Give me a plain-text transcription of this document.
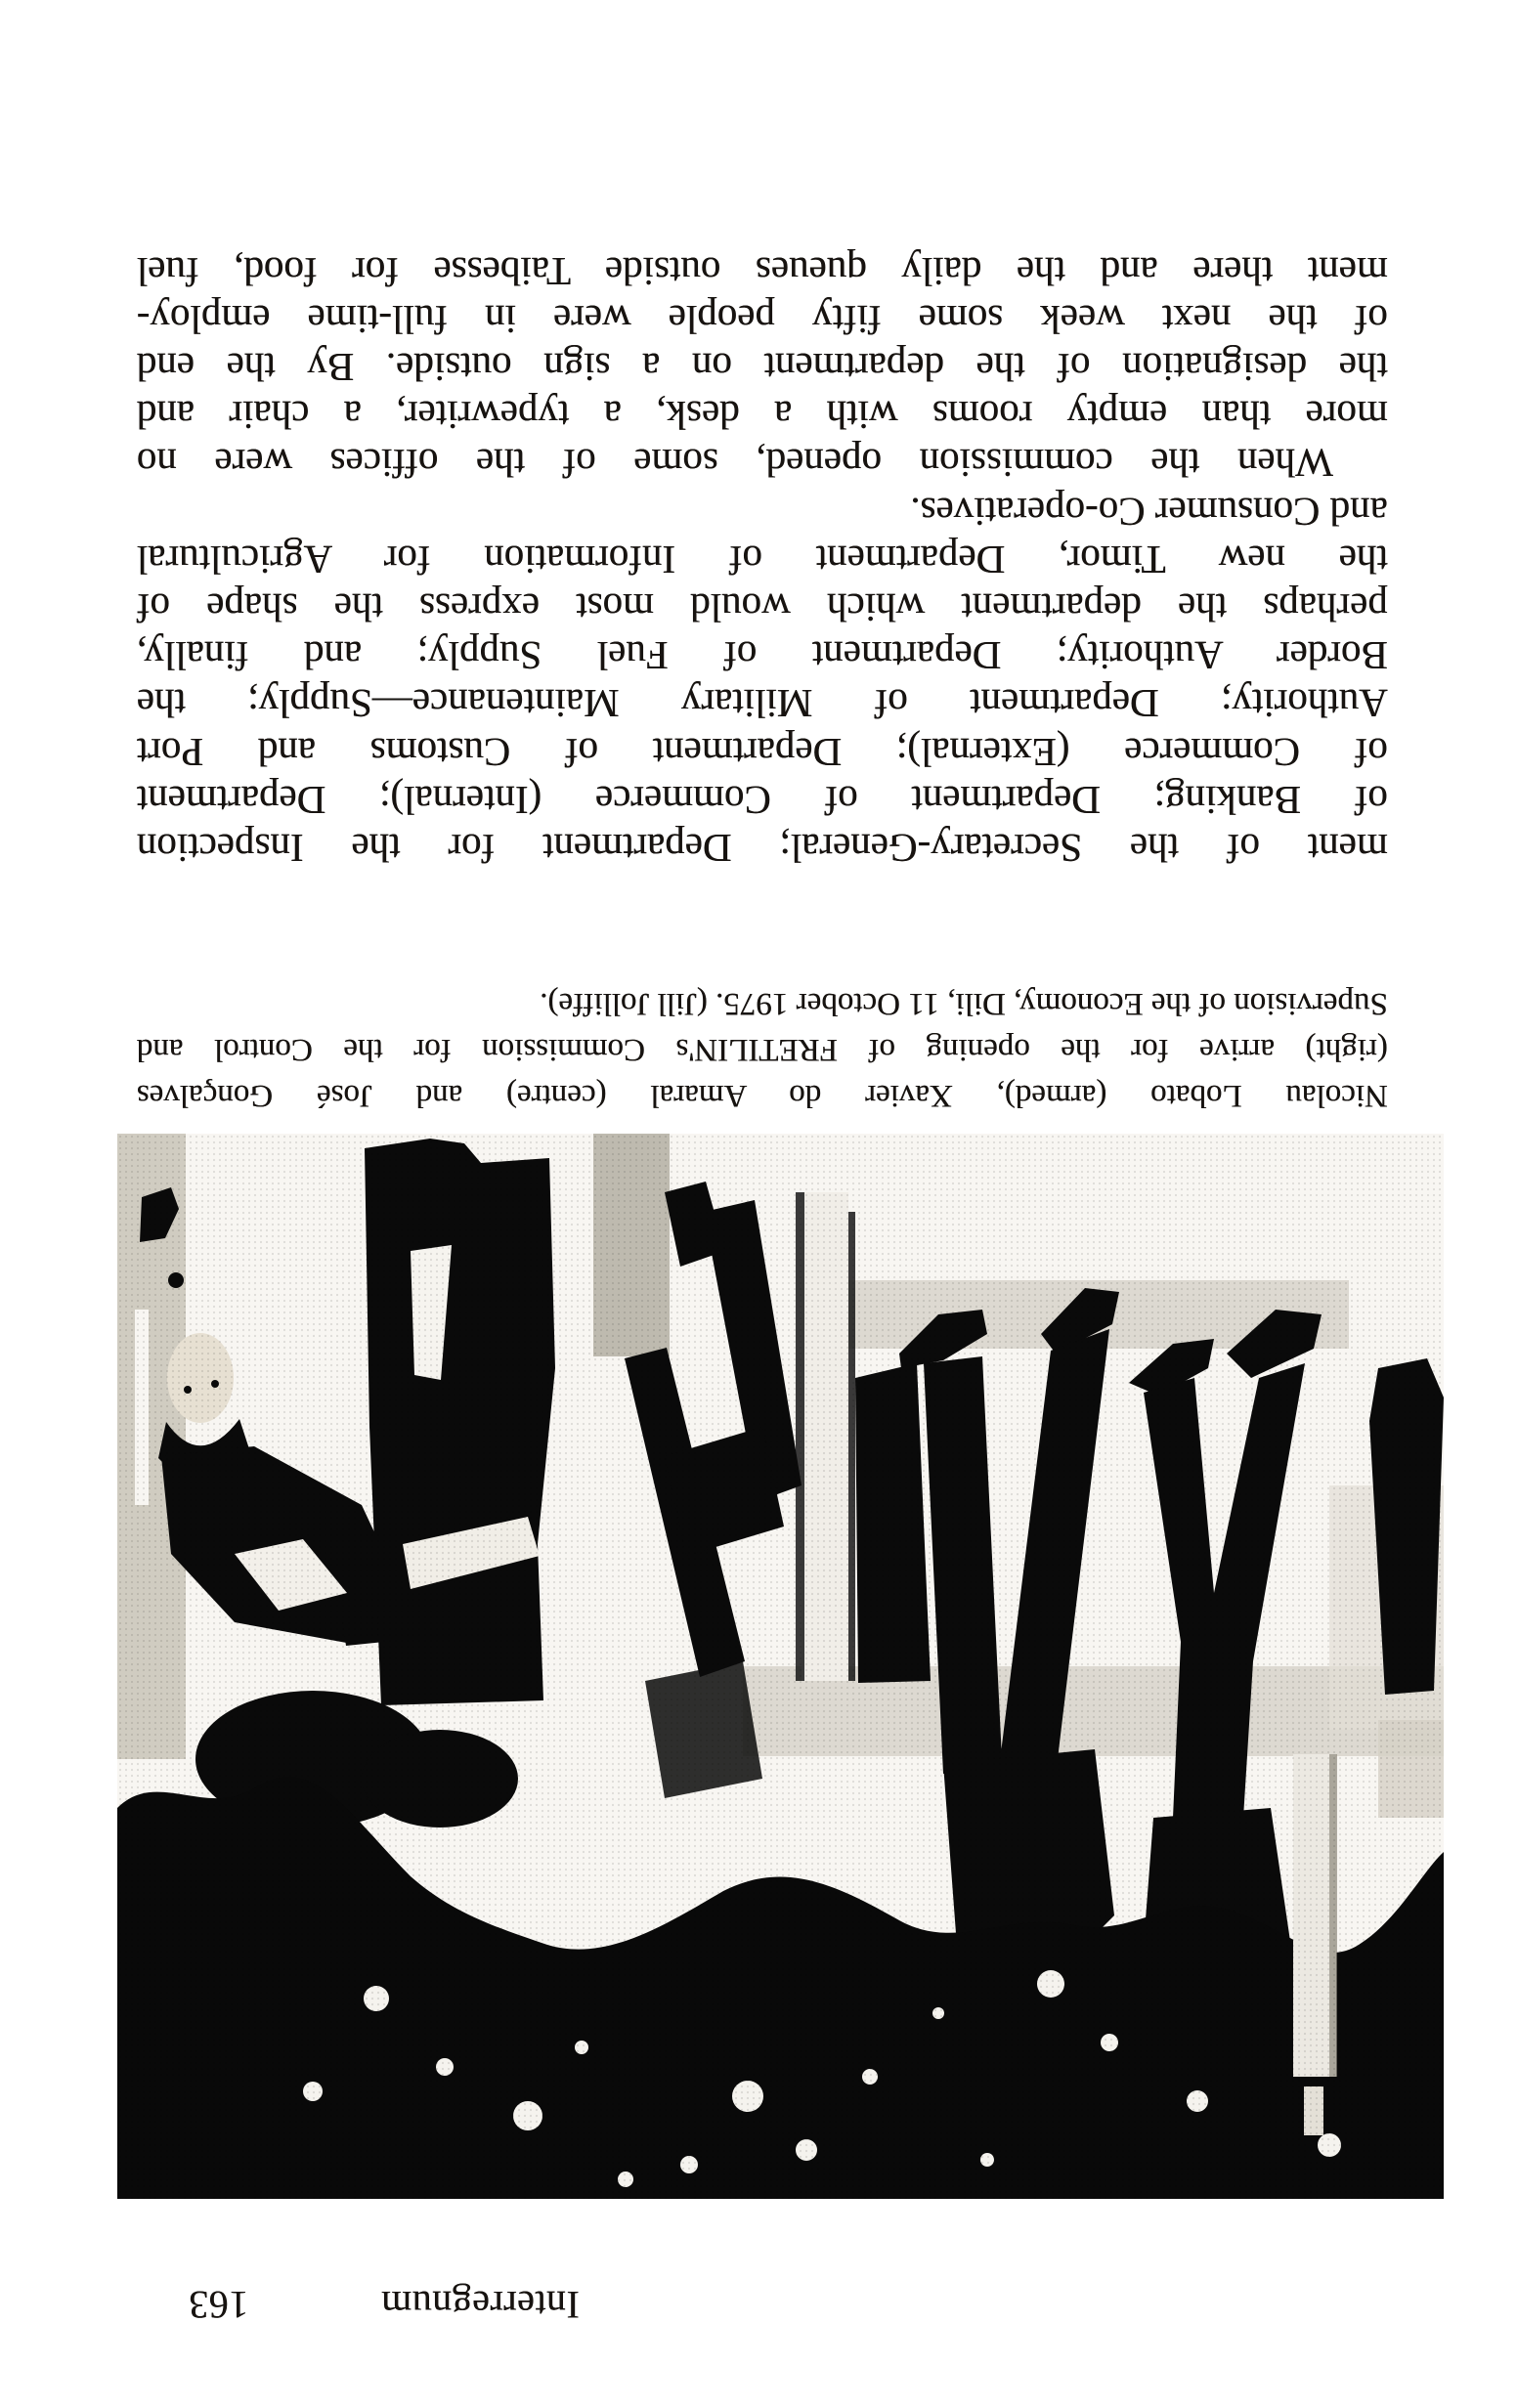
Interregnum
163
Nicolau Lobato (armed), Xavier do Amaral (centre) and José Gonçalves
(right) arrive for the opening of FRETILIN's Commission for the Control and
Supervision of the Economy, Dili, 11 October 1975. (Jill Jolliffe).
ment of the Secretary-General; Department for the Inspection
of Banking; Department of Commerce (Internal); Department
of Commerce (External); Department of Customs and Port
Authority; Department of Military Maintenance—Supply; the
Border Authority; Department of Fuel Supply; and finally,
perhaps the department which would most express the shape of
the new Timor, Department of Information for Agricultural
and Consumer Co-operatives.
When the commission opened, some of the offices were no
more than empty rooms with a desk, a typewriter, a chair and
the designation of the department on a sign outside. By the end
of the next week some fifty people were in full-time employ-
ment there and the daily queues outside Taibesse for food, fuel
